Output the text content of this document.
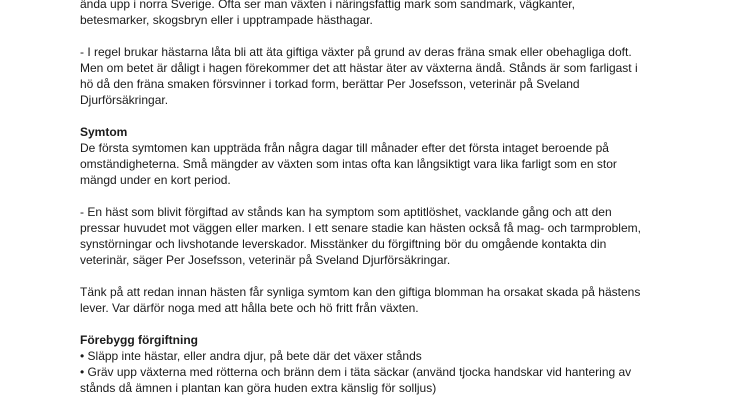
ända upp i norra Sverige. Ofta ser man växten i näringsfattig mark som sandmark, vägkanter,
betesmarker, skogsbryn eller i upptrampade hästhagar.
- I regel brukar hästarna låta bli att äta giftiga växter på grund av deras fräna smak eller obehagliga doft.
Men om betet är dåligt i hagen förekommer det att hästar äter av växterna ändå. Stånds är som farligast i
hö då den fräna smaken försvinner i torkad form, berättar Per Josefsson, veterinär på Sveland
Djurförsäkringar.
Symtom
De första symtomen kan uppträda från några dagar till månader efter det första intaget beroende på
omständigheterna. Små mängder av växten som intas ofta kan långsiktigt vara lika farligt som en stor
mängd under en kort period.
- En häst som blivit förgiftad av stånds kan ha symptom som aptitlöshet, vacklande gång och att den
pressar huvudet mot väggen eller marken. I ett senare stadie kan hästen också få mag- och tarmproblem,
synstörningar och livshotande leverskador. Misstänker du förgiftning bör du omgående kontakta din
veterinär, säger Per Josefsson, veterinär på Sveland Djurförsäkringar.
Tänk på att redan innan hästen får synliga symtom kan den giftiga blomman ha orsakat skada på hästens
lever. Var därför noga med att hålla bete och hö fritt från växten.
Förebygg förgiftning
• Släpp inte hästar, eller andra djur, på bete där det växer stånds
• Gräv upp växterna med rötterna och bränn dem i täta säckar (använd tjocka handskar vid hantering av
stånds då ämnen i plantan kan göra huden extra känslig för solljus)
